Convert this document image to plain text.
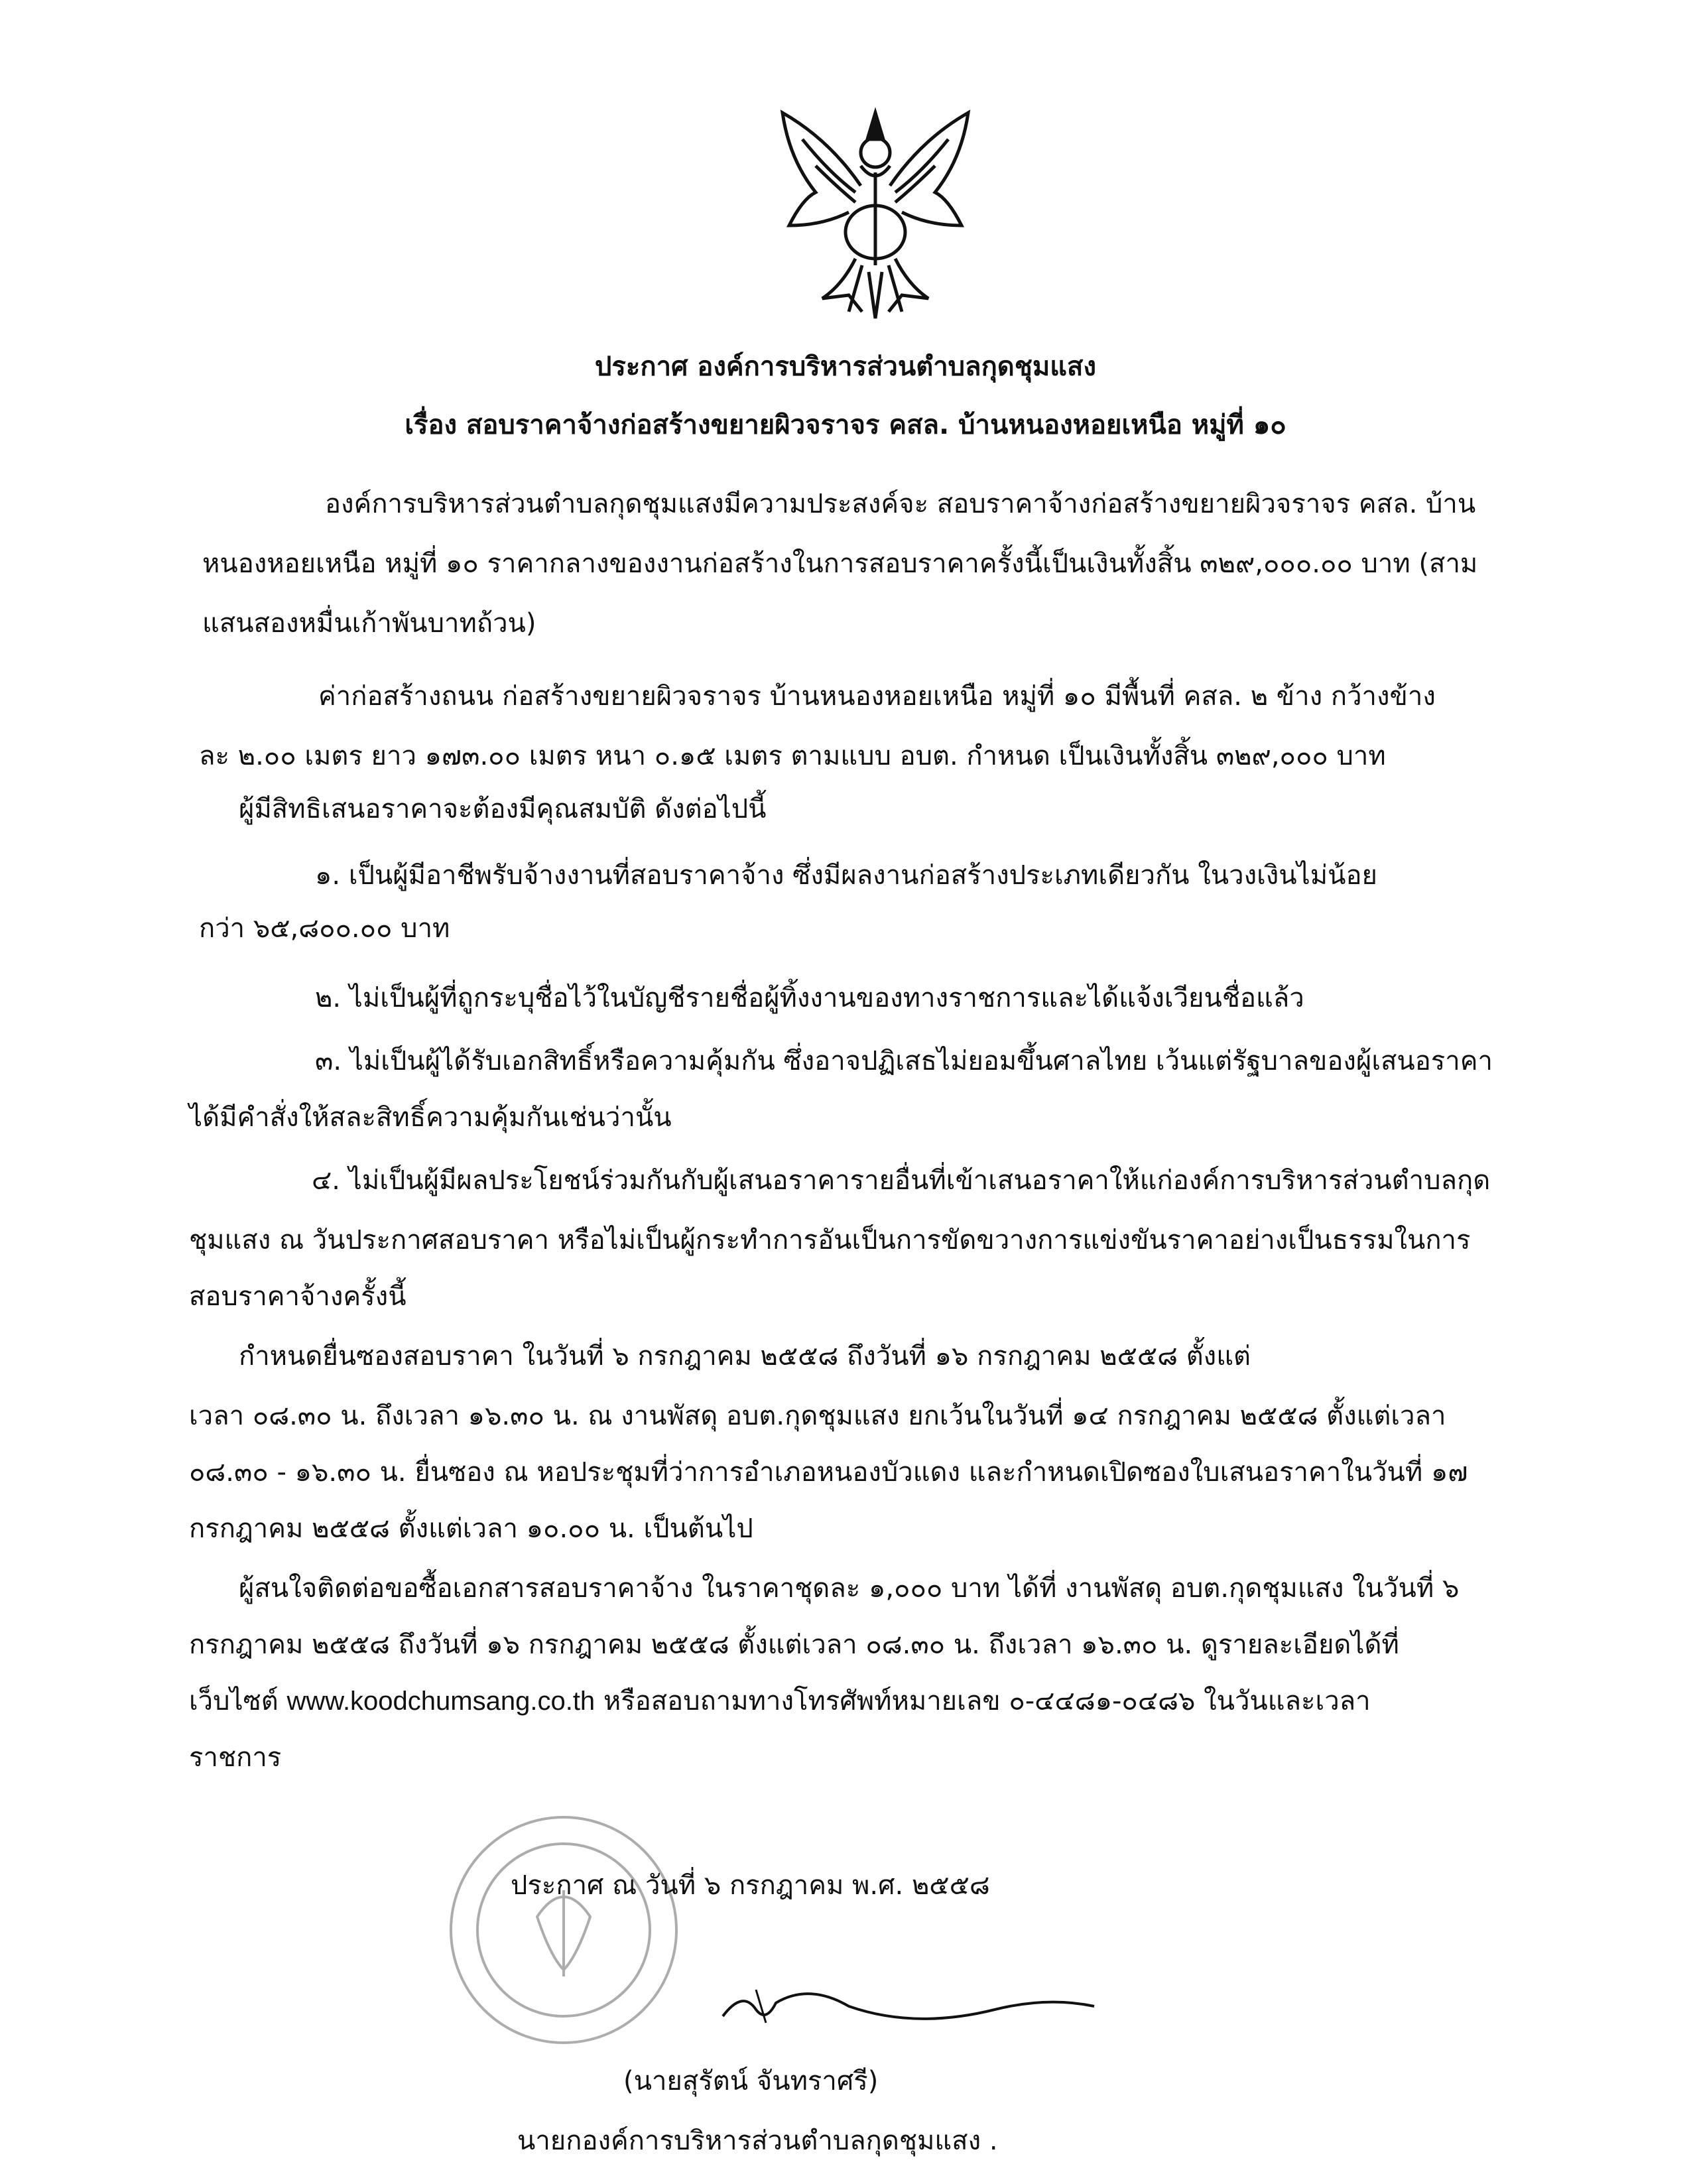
ประกาศ องค์การบริหารส่วนตำบลกุดชุมแสง
เรื่อง สอบราคาจ้างก่อสร้างขยายผิวจราจร คสล. บ้านหนองหอยเหนือ หมู่ที่ ๑๐
องค์การบริหารส่วนตำบลกุดชุมแสงมีความประสงค์จะ สอบราคาจ้างก่อสร้างขยายผิวจราจร คสล. บ้าน
หนองหอยเหนือ หมู่ที่ ๑๐ ราคากลางของงานก่อสร้างในการสอบราคาครั้งนี้เป็นเงินทั้งสิ้น ๓๒๙,๐๐๐.๐๐ บาท (สาม
แสนสองหมื่นเก้าพันบาทถ้วน)
ค่าก่อสร้างถนน ก่อสร้างขยายผิวจราจร บ้านหนองหอยเหนือ หมู่ที่ ๑๐ มีพื้นที่ คสล. ๒ ข้าง กว้างข้าง
ละ ๒.๐๐ เมตร ยาว ๑๗๓.๐๐ เมตร หนา ๐.๑๕ เมตร ตามแบบ อบต. กำหนด เป็นเงินทั้งสิ้น ๓๒๙,๐๐๐ บาท
ผู้มีสิทธิเสนอราคาจะต้องมีคุณสมบัติ ดังต่อไปนี้
๑. เป็นผู้มีอาชีพรับจ้างงานที่สอบราคาจ้าง ซึ่งมีผลงานก่อสร้างประเภทเดียวกัน ในวงเงินไม่น้อย
กว่า ๖๕,๘๐๐.๐๐ บาท
๒. ไม่เป็นผู้ที่ถูกระบุชื่อไว้ในบัญชีรายชื่อผู้ทิ้งงานของทางราชการและได้แจ้งเวียนชื่อแล้ว
๓. ไม่เป็นผู้ได้รับเอกสิทธิ์หรือความคุ้มกัน ซึ่งอาจปฏิเสธไม่ยอมขึ้นศาลไทย เว้นแต่รัฐบาลของผู้เสนอราคา
ได้มีคำสั่งให้สละสิทธิ์ความคุ้มกันเช่นว่านั้น
๔. ไม่เป็นผู้มีผลประโยชน์ร่วมกันกับผู้เสนอราคารายอื่นที่เข้าเสนอราคาให้แก่องค์การบริหารส่วนตำบลกุด
ชุมแสง ณ วันประกาศสอบราคา หรือไม่เป็นผู้กระทำการอันเป็นการขัดขวางการแข่งขันราคาอย่างเป็นธรรมในการ
สอบราคาจ้างครั้งนี้
กำหนดยื่นซองสอบราคา ในวันที่ ๖ กรกฎาคม ๒๕๕๘ ถึงวันที่ ๑๖ กรกฎาคม ๒๕๕๘ ตั้งแต่
เวลา ๐๘.๓๐ น. ถึงเวลา ๑๖.๓๐ น. ณ งานพัสดุ อบต.กุดชุมแสง ยกเว้นในวันที่ ๑๔ กรกฎาคม ๒๕๕๘ ตั้งแต่เวลา
๐๘.๓๐ - ๑๖.๓๐ น. ยื่นซอง ณ หอประชุมที่ว่าการอำเภอหนองบัวแดง และกำหนดเปิดซองใบเสนอราคาในวันที่ ๑๗
กรกฎาคม ๒๕๕๘ ตั้งแต่เวลา ๑๐.๐๐ น. เป็นต้นไป
ผู้สนใจติดต่อขอซื้อเอกสารสอบราคาจ้าง ในราคาชุดละ ๑,๐๐๐ บาท ได้ที่ งานพัสดุ อบต.กุดชุมแสง ในวันที่ ๖
กรกฎาคม ๒๕๕๘ ถึงวันที่ ๑๖ กรกฎาคม ๒๕๕๘ ตั้งแต่เวลา ๐๘.๓๐ น. ถึงเวลา ๑๖.๓๐ น. ดูรายละเอียดได้ที่
เว็บไซต์ www.koodchumsang.co.th หรือสอบถามทางโทรศัพท์หมายเลข ๐-๔๔๘๑-๐๔๘๖ ในวันและเวลา
ราชการ
ประกาศ ณ วันที่ ๖ กรกฎาคม พ.ศ. ๒๕๕๘
(นายสุรัตน์ จันทราศรี)
นายกองค์การบริหารส่วนตำบลกุดชุมแสง .
